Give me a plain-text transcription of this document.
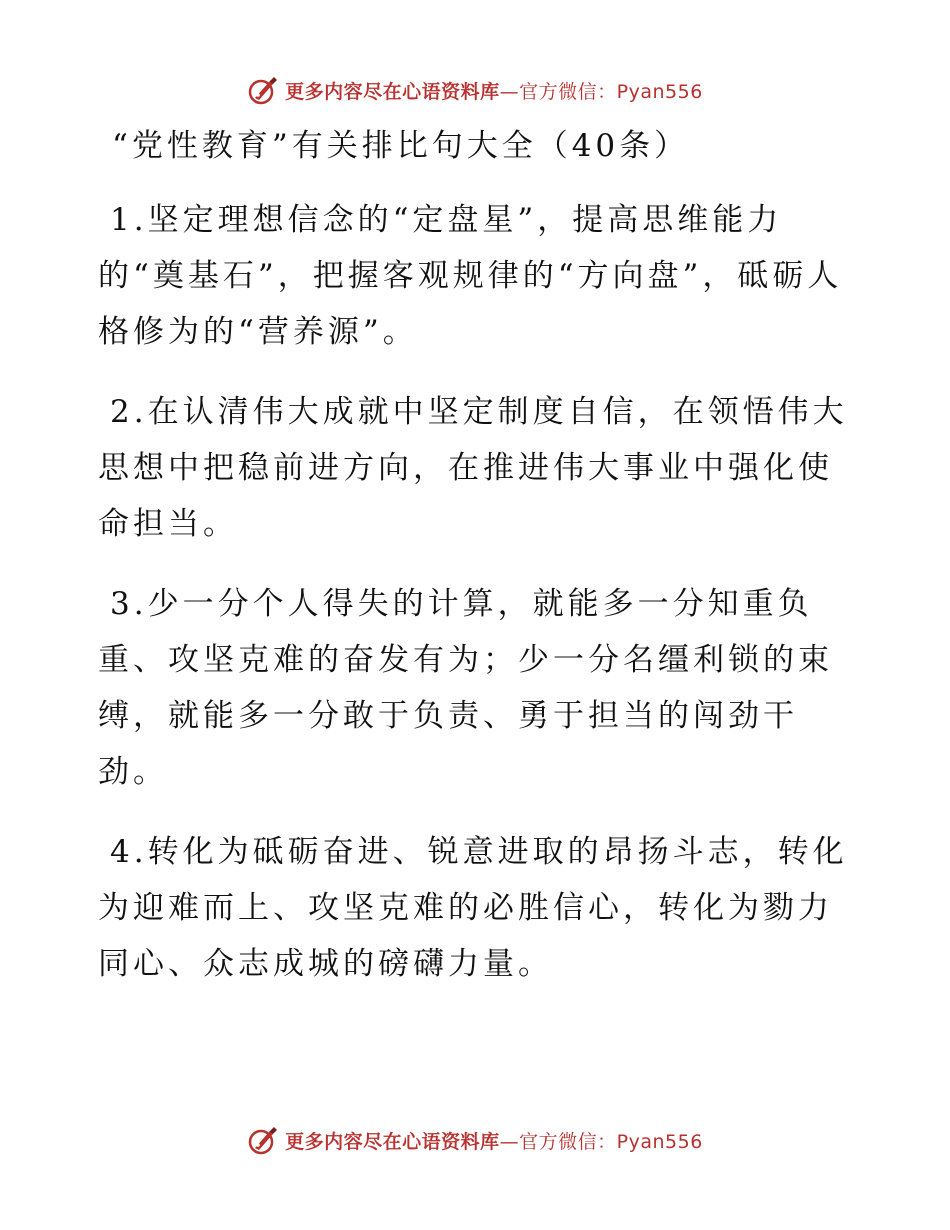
更多内容尽在心语资料库—官方微信：Pyan556
“党性教育”有关排比句大全（40条）

1.坚定理想信念的“定盘星”，提高思维能力的“奠基石”，把握客观规律的“方向盘”，砥砺人格修为的“营养源”。

2.在认清伟大成就中坚定制度自信，在领悟伟大思想中把稳前进方向，在推进伟大事业中强化使命担当。

3.少一分个人得失的计算，就能多一分知重负重、攻坚克难的奋发有为；少一分名缰利锁的束缚，就能多一分敢于负责、勇于担当的闯劲干劲。

4.转化为砥砺奋进、锐意进取的昂扬斗志，转化为迎难而上、攻坚克难的必胜信心，转化为勠力同心、众志成城的磅礴力量。

更多内容尽在心语资料库—官方微信：Pyan556
